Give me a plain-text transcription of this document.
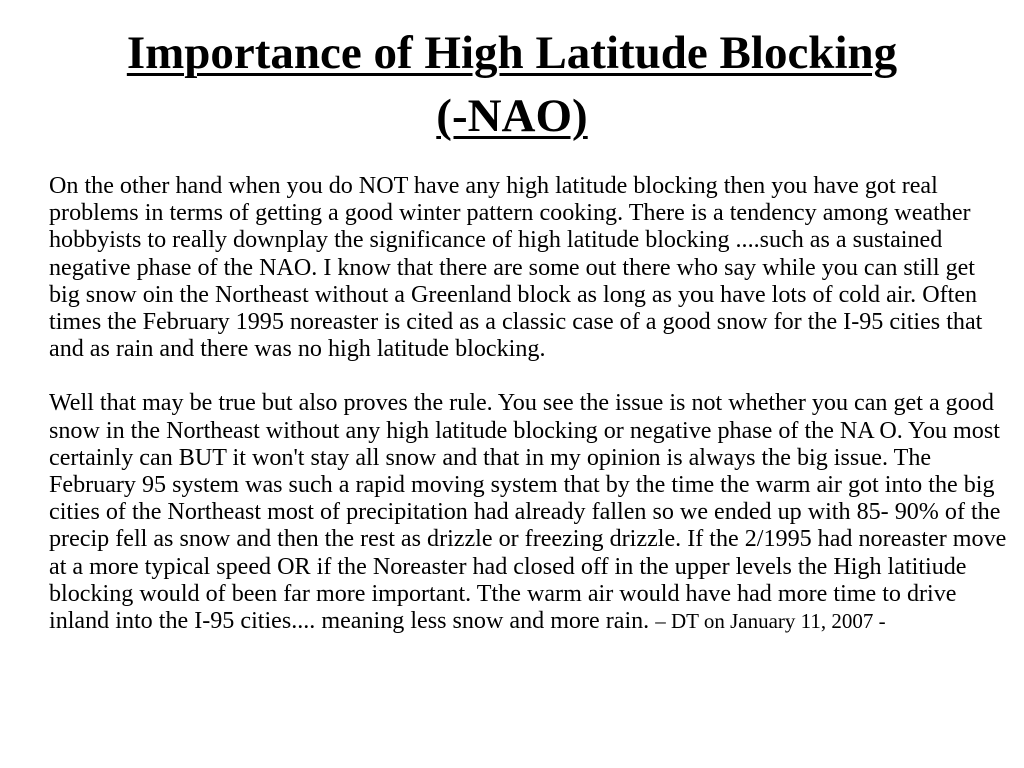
Importance of High Latitude Blocking
(-NAO)

On the other hand when you do NOT have any high latitude blocking then you have got real problems in terms of getting a good winter pattern cooking. There is a tendency among weather hobbyists to really downplay the significance of high latitude blocking ....such as a sustained negative phase of the NAO. I know that there are some out there who say while you can still get big snow oin the Northeast without a Greenland block as long as you have lots of cold air. Often times the February 1995 noreaster is cited as a classic case of a good snow for the I-95 cities that and as rain and there was no high latitude blocking.

Well that may be true but also proves the rule. You see the issue is not whether you can get a good snow in the Northeast without any high latitude blocking or negative phase of the NA O. You most certainly can BUT it won't stay all snow and that in my opinion is always the big issue. The February 95 system was such a rapid moving system that by the time the warm air got into the big cities of the Northeast most of precipitation had already fallen so we ended up with 85- 90% of the precip fell as snow and then the rest as drizzle or freezing drizzle. If the 2/1995 had noreaster move at a more typical speed OR if the Noreaster had closed off in the upper levels the High latitiude blocking would of been far more important. Tthe warm air would have had more time to drive inland into the I-95 cities.... meaning less snow and more rain. – DT on January 11, 2007 -
